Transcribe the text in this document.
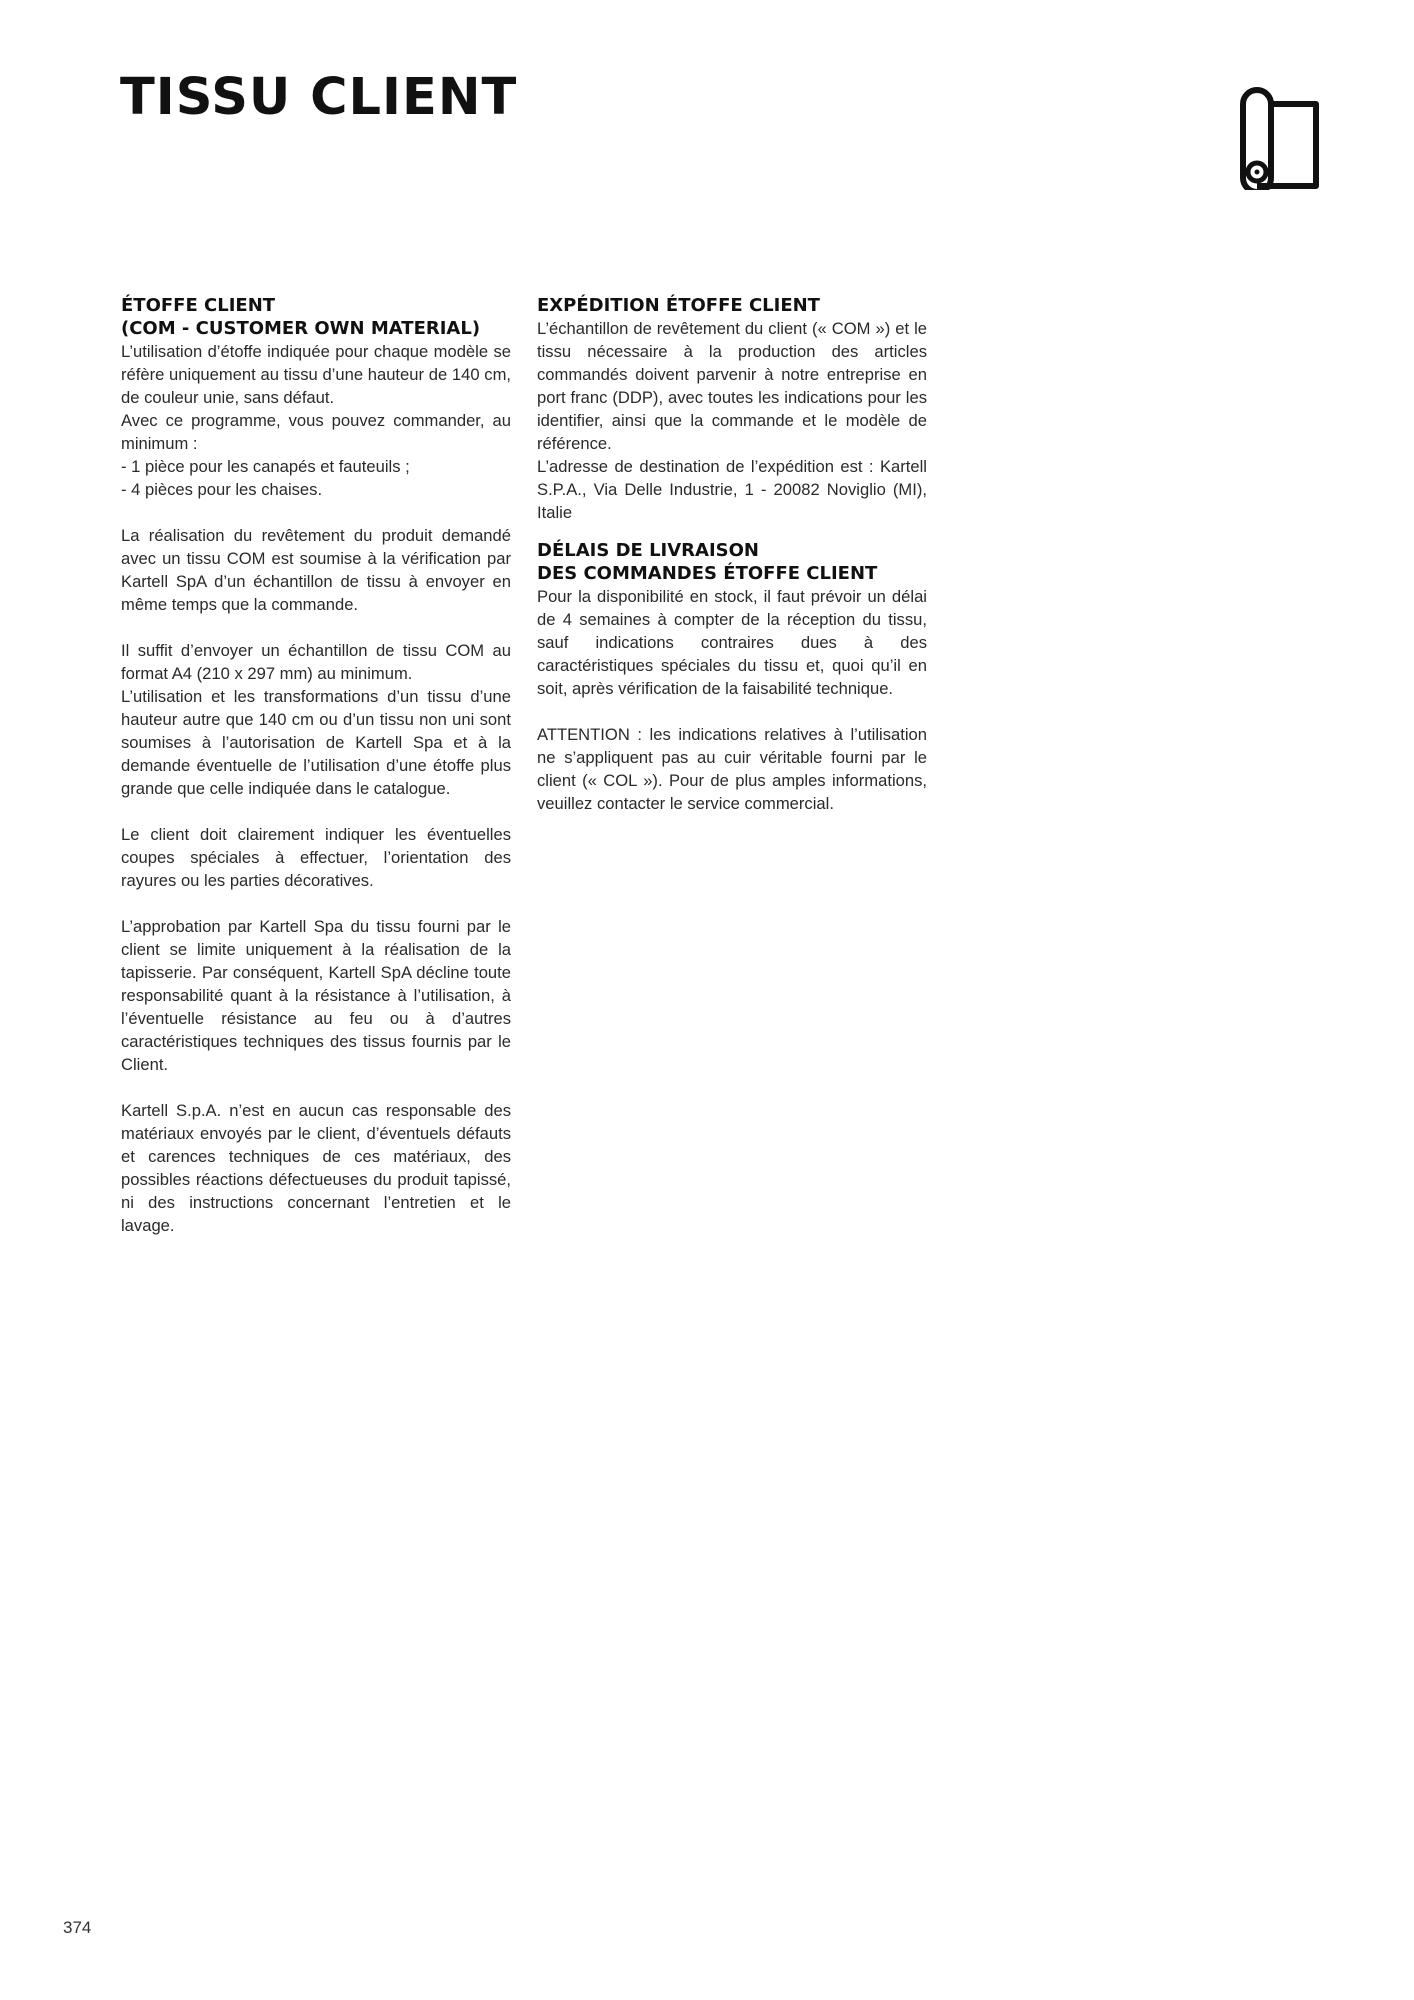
TISSU CLIENT

ÉTOFFE CLIENT

(COM - CUSTOMER OWN MATERIAL)

L’utilisation d’étoffe indiquée pour chaque modèle se réfère uniquement au tissu d’une hauteur de 140 cm, de couleur unie, sans défaut.

Avec ce programme, vous pouvez commander, au minimum :

- 1 pièce pour les canapés et fauteuils ;

- 4 pièces pour les chaises.

La réalisation du revêtement du produit demandé avec un tissu COM est soumise à la vérification par Kartell SpA d’un échantillon de tissu à envoyer en même temps que la commande.

Il suffit d’envoyer un échantillon de tissu COM au format A4 (210 x 297 mm) au minimum.

L’utilisation et les transformations d’un tissu d’une hauteur autre que 140 cm ou d’un tissu non uni sont soumises à l’autorisation de Kartell Spa et à la demande éventuelle de l’utilisation d’une étoffe plus grande que celle indiquée dans le catalogue.

Le client doit clairement indiquer les éventuelles coupes spéciales à effectuer, l’orientation des rayures ou les parties décoratives.

L’approbation par Kartell Spa du tissu fourni par le client se limite uniquement à la réalisation de la tapisserie. Par conséquent, Kartell SpA décline toute responsabilité quant à la résistance à l’utilisation, à l’éventuelle résistance au feu ou à d’autres caractéristiques techniques des tissus fournis par le Client.

Kartell S.p.A. n’est en aucun cas responsable des matériaux envoyés par le client, d’éventuels défauts et carences techniques de ces matériaux, des possibles réactions défectueuses du produit tapissé, ni des instructions concernant l’entretien et le lavage.

EXPÉDITION ÉTOFFE CLIENT

L’échantillon de revêtement du client (« COM ») et le tissu nécessaire à la production des articles commandés doivent parvenir à notre entreprise en port franc (DDP), avec toutes les indications pour les identifier, ainsi que la commande et le modèle de référence.

L’adresse de destination de l’expédition est : Kartell S.P.A., Via Delle Industrie, 1 - 20082 Noviglio (MI), Italie

DÉLAIS DE LIVRAISON

DES COMMANDES ÉTOFFE CLIENT

Pour la disponibilité en stock, il faut prévoir un délai de 4 semaines à compter de la réception du tissu, sauf indications contraires dues à des caractéristiques spéciales du tissu et, quoi qu’il en soit, après vérification de la faisabilité technique.

ATTENTION : les indications relatives à l’utilisation ne s’appliquent pas au cuir véritable fourni par le client (« COL »). Pour de plus amples informations, veuillez contacter le service commercial.

374
